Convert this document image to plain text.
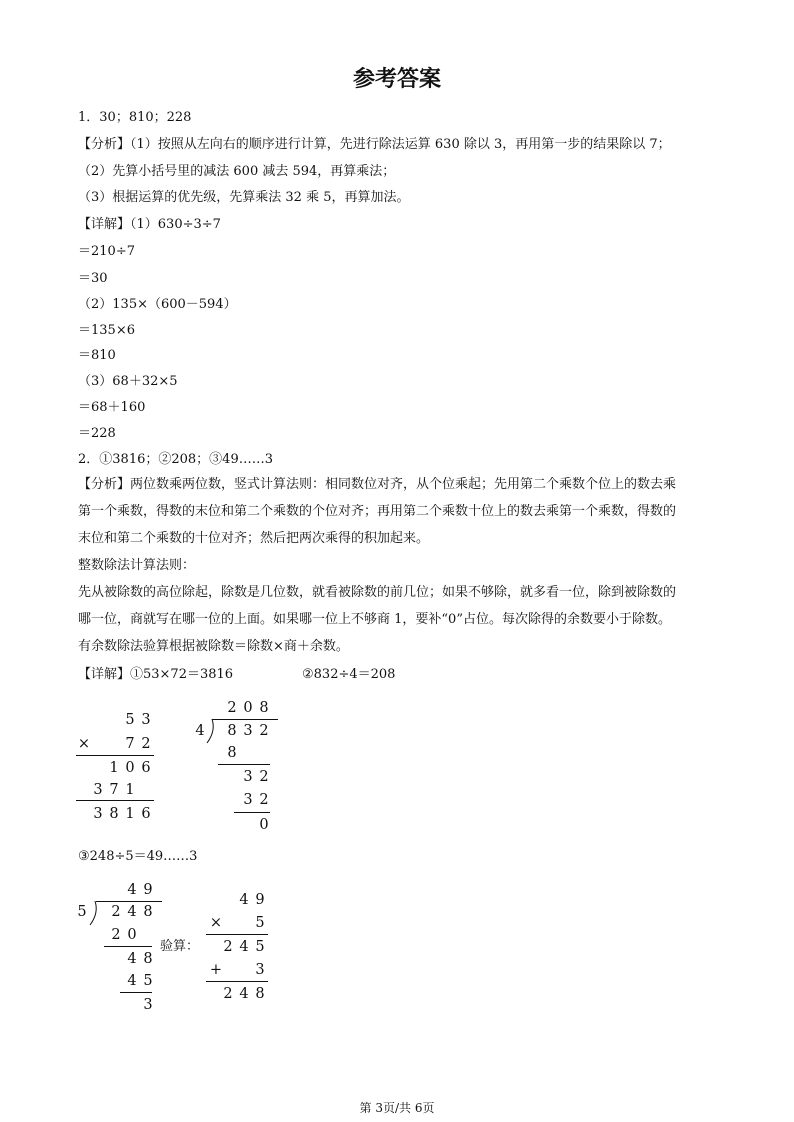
参考答案
1．30；810；228
【分析】（1）按照从左向右的顺序进行计算，先进行除法运算 630 除以 3，再用第一步的结果除以 7；
（2）先算小括号里的减法 600 减去 594，再算乘法；
（3）根据运算的优先级，先算乘法 32 乘 5，再算加法。
【详解】（1）630÷3÷7
＝210÷7
＝30
（2）135×（600－594）
＝135×6
＝810
（3）68＋32×5
＝68＋160
＝228
2．①3816；②208；③49……3
【分析】两位数乘两位数，竖式计算法则：相同数位对齐，从个位乘起；先用第二个乘数个位上的数去乘
第一个乘数，得数的末位和第二个乘数的个位对齐；再用第二个乘数十位上的数去乘第一个乘数，得数的
末位和第二个乘数的十位对齐；然后把两次乘得的积加起来。
整数除法计算法则：
先从被除数的高位除起，除数是几位数，就看被除数的前几位；如果不够除，就多看一位，除到被除数的
哪一位，商就写在哪一位的上面。如果哪一位上不够商 1，要补“0”占位。每次除得的余数要小于除数。
有余数除法验算根据被除数＝除数×商＋余数。
【详解】①53×72＝3816	②832÷4＝208
5 3
× 7 2
1 0 6
3 7 1
3 8 1 6
2 0 8
4 8 3 2
8
3 2
3 2
0
③248÷5＝49……3
4 9
5 2 4 8
2 0
4 8
4 5
3
验算：
4 9
× 5
2 4 5
+ 3
2 4 8
第 3页/共 6页
